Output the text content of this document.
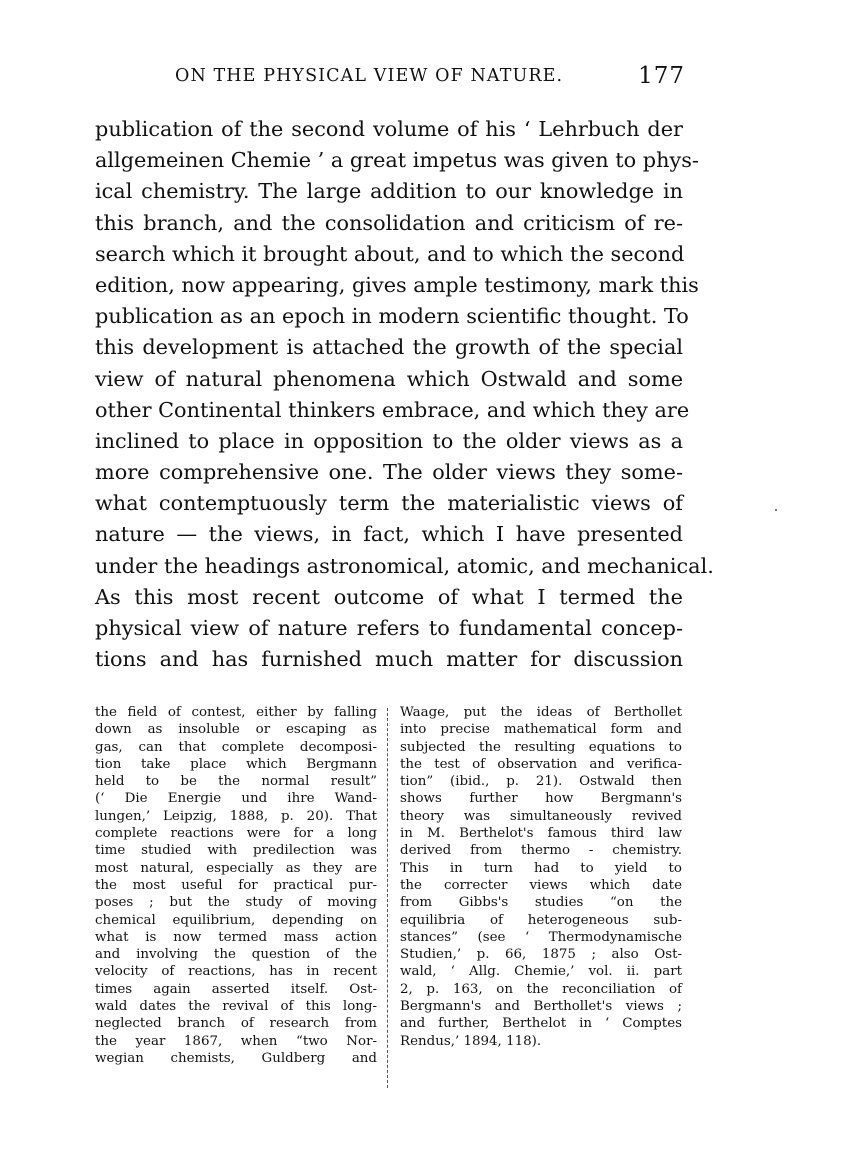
ON THE PHYSICAL VIEW OF NATURE.	177
publication of the second volume of his ‘ Lehrbuch der
allgemeinen Chemie ’ a great impetus was given to phys-
ical chemistry. The large addition to our knowledge in
this branch, and the consolidation and criticism of re-
search which it brought about, and to which the second
edition, now appearing, gives ample testimony, mark this
publication as an epoch in modern scientific thought. To
this development is attached the growth of the special
view of natural phenomena which Ostwald and some
other Continental thinkers embrace, and which they are
inclined to place in opposition to the older views as a
more comprehensive one. The older views they some-
what contemptuously term the materialistic views of
nature — the views, in fact, which I have presented
under the headings astronomical, atomic, and mechanical.
As this most recent outcome of what I termed the
physical view of nature refers to fundamental concep-
tions and has furnished much matter for discussion
the field of contest, either by falling
down as insoluble or escaping as
gas, can that complete decomposi-
tion take place which Bergmann
held to be the normal result”
(‘ Die Energie und ihre Wand-
lungen,’ Leipzig, 1888, p. 20). That
complete reactions were for a long
time studied with predilection was
most natural, especially as they are
the most useful for practical pur-
poses ; but the study of moving
chemical equilibrium, depending on
what is now termed mass action
and involving the question of the
velocity of reactions, has in recent
times again asserted itself. Ost-
wald dates the revival of this long-
neglected branch of research from
the year 1867, when “two Nor-
wegian chemists, Guldberg and
Waage, put the ideas of Berthollet
into precise mathematical form and
subjected the resulting equations to
the test of observation and verifica-
tion” (ibid., p. 21). Ostwald then
shows further how Bergmann's
theory was simultaneously revived
in M. Berthelot's famous third law
derived from thermo - chemistry.
This in turn had to yield to
the correcter views which date
from Gibbs's studies “on the
equilibria of heterogeneous sub-
stances” (see ‘ Thermodynamische
Studien,’ p. 66, 1875 ; also Ost-
wald, ‘ Allg. Chemie,’ vol. ii. part
2, p. 163, on the reconciliation of
Bergmann's and Berthollet's views ;
and further, Berthelot in ‘ Comptes
Rendus,’ 1894, 118).
